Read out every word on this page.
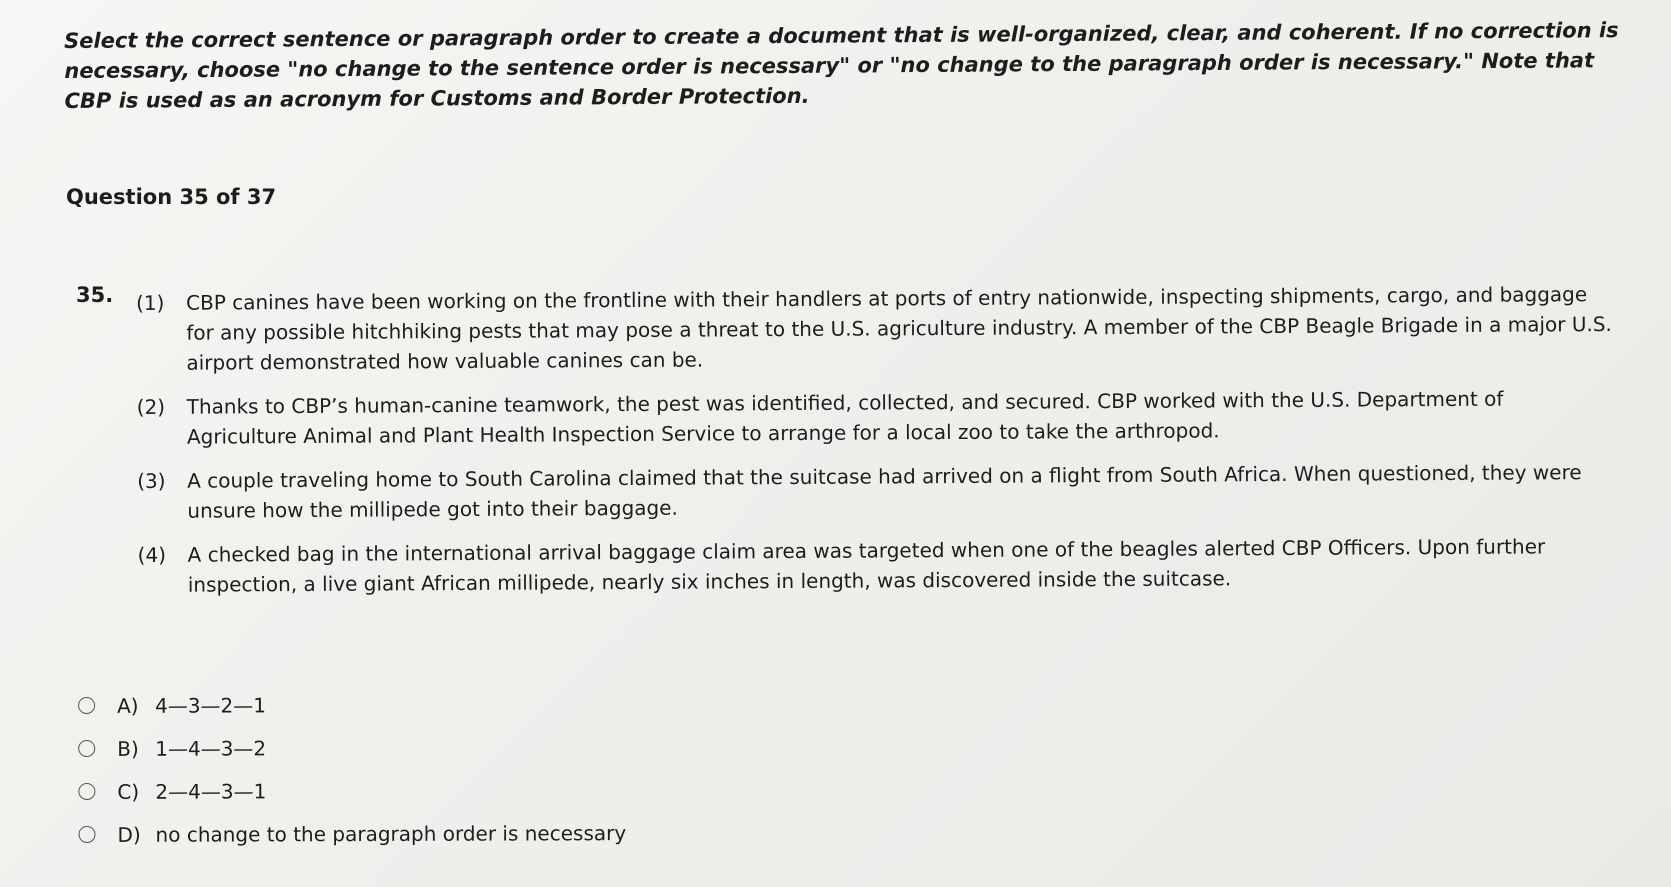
Select the correct sentence or paragraph order to create a document that is well-organized, clear, and coherent. If no correction is necessary, choose "no change to the sentence order is necessary" or "no change to the paragraph order is necessary." Note that CBP is used as an acronym for Customs and Border Protection.

Question 35 of 37

35. (1) CBP canines have been working on the frontline with their handlers at ports of entry nationwide, inspecting shipments, cargo, and baggage for any possible hitchhiking pests that may pose a threat to the U.S. agriculture industry. A member of the CBP Beagle Brigade in a major U.S. airport demonstrated how valuable canines can be.
(2) Thanks to CBP’s human-canine teamwork, the pest was identified, collected, and secured. CBP worked with the U.S. Department of Agriculture Animal and Plant Health Inspection Service to arrange for a local zoo to take the arthropod.
(3) A couple traveling home to South Carolina claimed that the suitcase had arrived on a flight from South Africa. When questioned, they were unsure how the millipede got into their baggage.
(4) A checked bag in the international arrival baggage claim area was targeted when one of the beagles alerted CBP Officers. Upon further inspection, a live giant African millipede, nearly six inches in length, was discovered inside the suitcase.
A) 4—3—2—1
B) 1—4—3—2
C) 2—4—3—1
D) no change to the paragraph order is necessary
